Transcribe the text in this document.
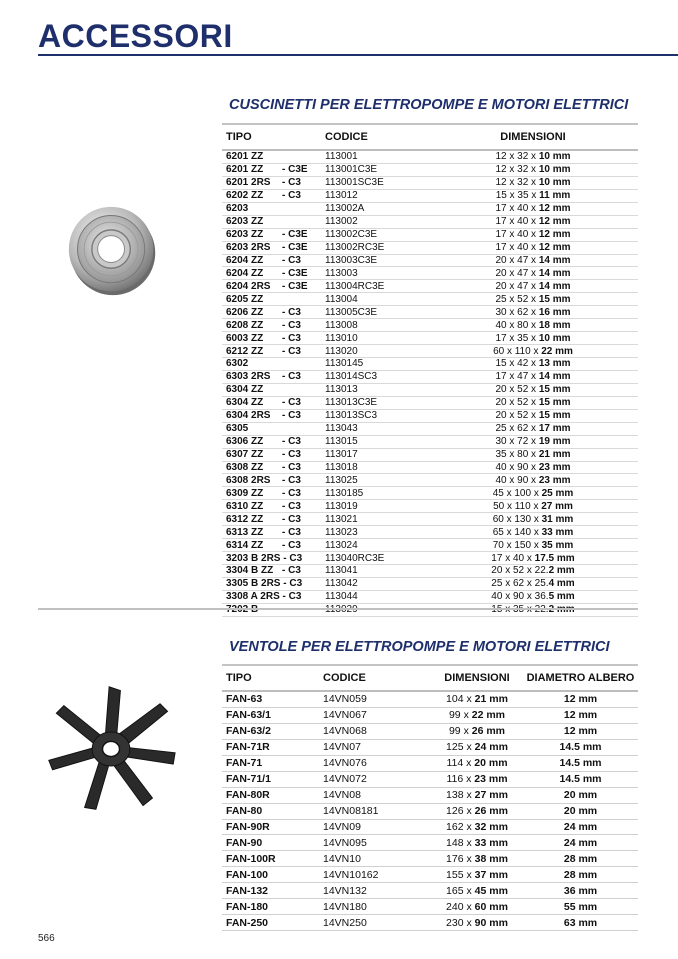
ACCESSORI
CUSCINETTI PER ELETTROPOMPE E MOTORI ELETTRICI
TIPO	CODICE	DIMENSIONI
6201 ZZ	113001	12 x 32 x 10 mm
6201 ZZ - C3E	113001C3E	12 x 32 x 10 mm
6201 2RS - C3	113001SC3E	12 x 32 x 10 mm
6202 ZZ - C3	113012	15 x 35 x 11 mm
6203	113002A	17 x 40 x 12 mm
6203 ZZ	113002	17 x 40 x 12 mm
6203 ZZ - C3E	113002C3E	17 x 40 x 12 mm
6203 2RS - C3E	113002RC3E	17 x 40 x 12 mm
6204 ZZ - C3	113003C3E	20 x 47 x 14 mm
6204 ZZ - C3E	113003	20 x 47 x 14 mm
6204 2RS - C3E	113004RC3E	20 x 47 x 14 mm
6205 ZZ	113004	25 x 52 x 15 mm
6206 ZZ - C3	113005C3E	30 x 62 x 16 mm
6208 ZZ - C3	113008	40 x 80 x 18 mm
6003 ZZ - C3	113010	17 x 35 x 10 mm
6212 ZZ - C3	113020	60 x 110 x 22 mm
6302	1130145	15 x 42 x 13 mm
6303 2RS - C3	113014SC3	17 x 47 x 14 mm
6304 ZZ	113013	20 x 52 x 15 mm
6304 ZZ - C3	113013C3E	20 x 52 x 15 mm
6304 2RS - C3	113013SC3	20 x 52 x 15 mm
6305	113043	25 x 62 x 17 mm
6306 ZZ - C3	113015	30 x 72 x 19 mm
6307 ZZ - C3	113017	35 x 80 x 21 mm
6308 ZZ - C3	113018	40 x 90 x 23 mm
6308 2RS - C3	113025	40 x 90 x 23 mm
6309 ZZ - C3	1130185	45 x 100 x 25 mm
6310 ZZ - C3	113019	50 x 110 x 27 mm
6312 ZZ - C3	113021	60 x 130 x 31 mm
6313 ZZ - C3	113023	65 x 140 x 33 mm
6314 ZZ - C3	113024	70 x 150 x 35 mm
3203 B 2RS - C3	113040RC3E	17 x 40 x 17.5 mm
3304 B ZZ - C3	113041	20 x 52 x 22.2 mm
3305 B 2RS - C3	113042	25 x 62 x 25.4 mm
3308 A 2RS - C3	113044	40 x 90 x 36.5 mm

VENTOLE PER ELETTROPOMPE E MOTORI ELETTRICI
TIPO	CODICE	DIMENSIONI	DIAMETRO ALBERO
FAN-63	14VN059	104 x 21 mm	12 mm
FAN-63/1	14VN067	99 x 22 mm	12 mm
FAN-63/2	14VN068	99 x 26 mm	12 mm
FAN-71R	14VN07	125 x 24 mm	14.5 mm
FAN-71	14VN076	114 x 20 mm	14.5 mm
FAN-71/1	14VN072	116 x 23 mm	14.5 mm
FAN-80R	14VN08	138 x 27 mm	20 mm
FAN-80	14VN08181	126 x 26 mm	20 mm
FAN-90R	14VN09	162 x 32 mm	24 mm
FAN-90	14VN095	148 x 33 mm	24 mm
FAN-100R	14VN10	176 x 38 mm	28 mm
FAN-100	14VN10162	155 x 37 mm	28 mm
FAN-132	14VN132	165 x 45 mm	36 mm
FAN-180	14VN180	240 x 60 mm	55 mm
FAN-250	14VN250	230 x 90 mm	63 mm
566
